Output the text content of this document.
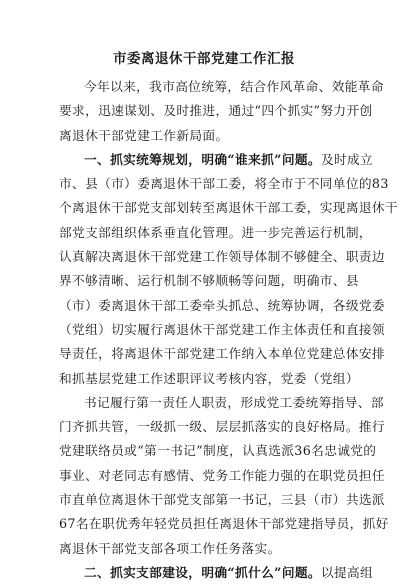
市委离退休干部党建工作汇报
今年以来，我市高位统筹，结合作风革命、效能革命
要求，迅速谋划、及时推进，通过“四个抓实”努力开创
离退休干部党建工作新局面。
一、抓实统筹规划，明确“谁来抓”问题。及时成立
市、县（市）委离退休干部工委，将全市于不同单位的83
个离退休干部党支部划转至离退休干部工委，实现离退休干
部党支部组织体系垂直化管理。进一步完善运行机制，
认真解决离退休干部党建工作领导体制不够健全、职责边
界不够清晰、运行机制不够顺畅等问题，明确市、县
（市）委离退休干部工委牵头抓总、统筹协调，各级党委
（党组）切实履行离退休干部党建工作主体责任和直接领
导责任，将离退休干部党建工作纳入本单位党建总体安排
和抓基层党建工作述职评议考核内容，党委（党组）
书记履行第一责任人职责，形成党工委统筹指导、部
门齐抓共管，一级抓一级、层层抓落实的良好格局。推行
党建联络员或“第一书记”制度，认真选派36名忠诚党的
事业、对老同志有感情、党务工作能力强的在职党员担任
市直单位离退休干部党支部第一书记，三县（市）共选派
67名在职优秀年轻党员担任离退休干部党建指导员，抓好
离退休干部党支部各项工作任务落实。
二、抓实支部建设，明确“抓什么”问题。以提高组
